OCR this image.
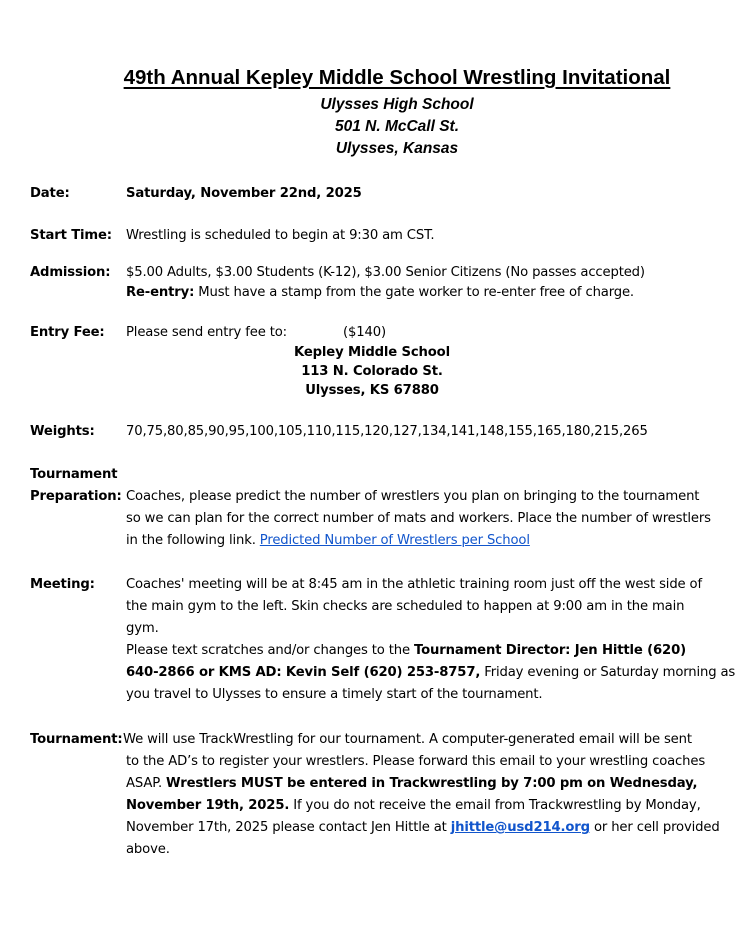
49th Annual Kepley Middle School Wrestling Invitational
Ulysses High School
501 N. McCall St.
Ulysses, Kansas
Date:	Saturday, November 22nd, 2025
Start Time: Wrestling is scheduled to begin at 9:30 am CST.
Admission: $5.00 Adults, $3.00 Students (K-12), $3.00 Senior Citizens (No passes accepted)
Re-entry: Must have a stamp from the gate worker to re-enter free of charge.
Entry Fee: Please send entry fee to:	($140)
Kepley Middle School
113 N. Colorado St.
Ulysses, KS 67880
Weights: 70,75,80,85,90,95,100,105,110,115,120,127,134,141,148,155,165,180,215,265
Tournament
Preparation: Coaches, please predict the number of wrestlers you plan on bringing to the tournament
so we can plan for the correct number of mats and workers. Place the number of wrestlers
in the following link. Predicted Number of Wrestlers per School
Meeting: Coaches' meeting will be at 8:45 am in the athletic training room just off the west side of
the main gym to the left. Skin checks are scheduled to happen at 9:00 am in the main
gym.
Please text scratches and/or changes to the Tournament Director: Jen Hittle (620)
640-2866 or KMS AD: Kevin Self (620) 253-8757, Friday evening or Saturday morning as
you travel to Ulysses to ensure a timely start of the tournament.
Tournament: We will use TrackWrestling for our tournament. A computer-generated email will be sent
to the AD’s to register your wrestlers. Please forward this email to your wrestling coaches
ASAP. Wrestlers MUST be entered in Trackwrestling by 7:00 pm on Wednesday,
November 19th, 2025. If you do not receive the email from Trackwrestling by Monday,
November 17th, 2025 please contact Jen Hittle at jhittle@usd214.org or her cell provided
above.
